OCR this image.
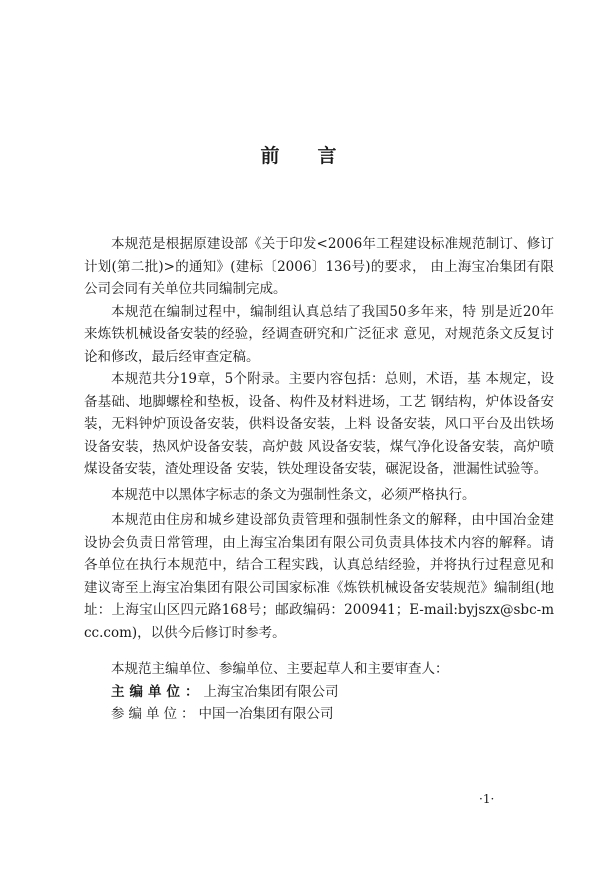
前言

本规范是根据原建设部《关于印发<2006年工程建设标准规范制订、修订计划(第二批)>的通知》(建标〔2006〕136号)的要求， 由上海宝冶集团有限公司会同有关单位共同编制完成。

本规范在编制过程中，编制组认真总结了我国50多年来，特 别是近20年来炼铁机械设备安装的经验，经调查研究和广泛征求 意见，对规范条文反复讨论和修改，最后经审查定稿。

本规范共分19章，5个附录。主要内容包括：总则，术语，基 本规定，设备基础、地脚螺栓和垫板，设备、构件及材料进场，工艺 钢结构，炉体设备安装，无料钟炉顶设备安装，供料设备安装，上料 设备安装，风口平台及出铁场设备安装，热风炉设备安装，高炉鼓 风设备安装，煤气净化设备安装，高炉喷煤设备安装，渣处理设备 安装，铁处理设备安装，碾泥设备，泄漏性试验等。

本规范中以黑体字标志的条文为强制性条文，必须严格执行。

本规范由住房和城乡建设部负责管理和强制性条文的解释，由中国冶金建设协会负责日常管理，由上海宝冶集团有限公司负责具体技术内容的解释。请各单位在执行本规范中，结合工程实践，认真总结经验，并将执行过程意见和建议寄至上海宝冶集团有限公司国家标准《炼铁机械设备安装规范》编制组(地址：上海宝山区四元路168号；邮政编码：200941；E-mail:byjszx@sbc-mcc.com)，以供今后修订时参考。

本规范主编单位、参编单位、主要起草人和主要审查人：

主编单位：上海宝冶集团有限公司
参编单位：中国一冶集团有限公司
·1·
